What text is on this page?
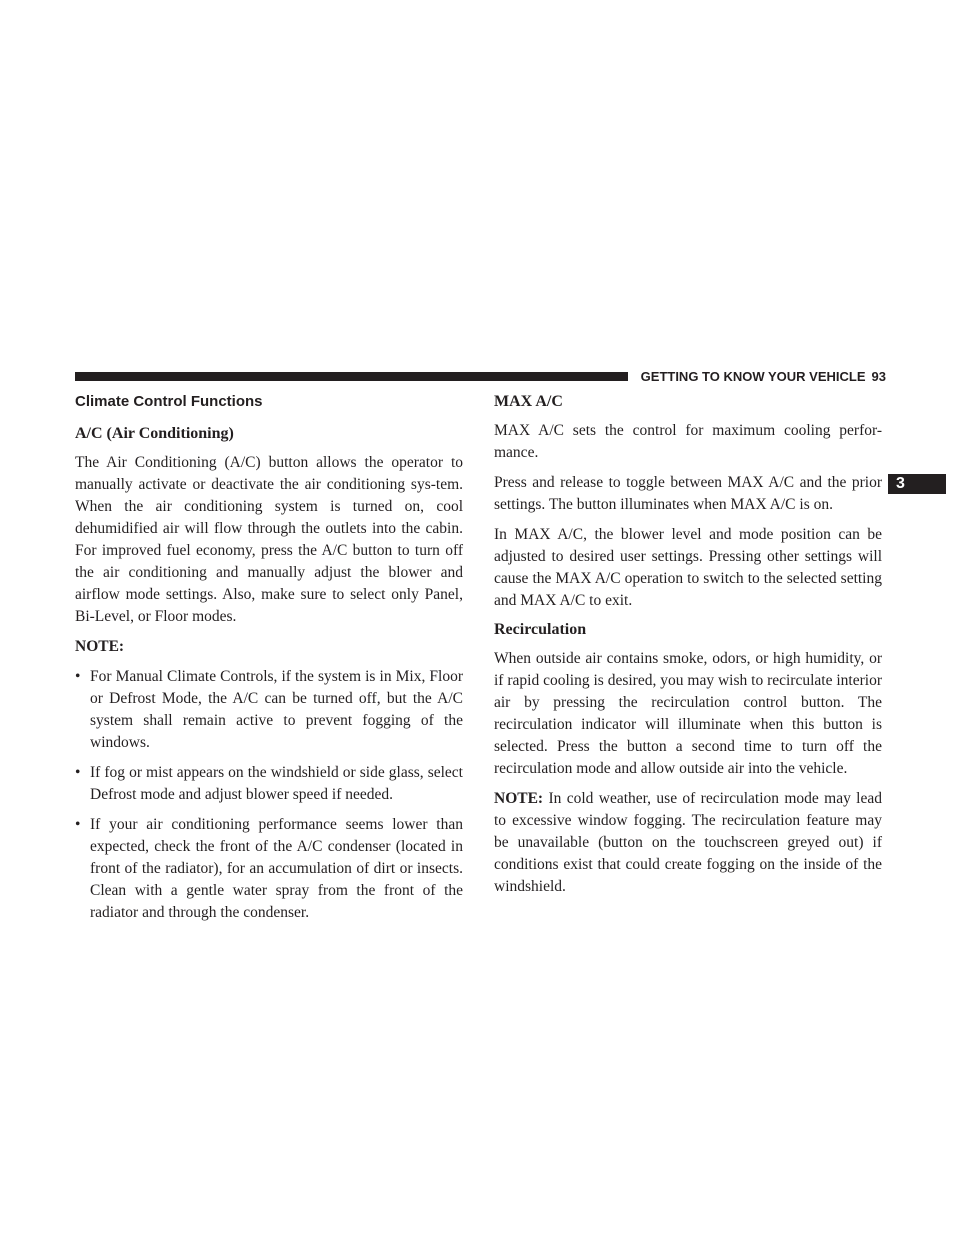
GETTING TO KNOW YOUR VEHICLE 93
3
Climate Control Functions
A/C (Air Conditioning)

The Air Conditioning (A/C) button allows the operator to manually activate or deactivate the air conditioning sys-tem. When the air conditioning system is turned on, cool dehumidified air will flow through the outlets into the cabin. For improved fuel economy, press the A/C button to turn off the air conditioning and manually adjust the blower and airflow mode settings. Also, make sure to select only Panel, Bi-Level, or Floor modes.

NOTE:
• For Manual Climate Controls, if the system is in Mix, Floor or Defrost Mode, the A/C can be turned off, but the A/C system shall remain active to prevent fogging of the windows.
• If fog or mist appears on the windshield or side glass, select Defrost mode and adjust blower speed if needed.
• If your air conditioning performance seems lower than expected, check the front of the A/C condenser (located in front of the radiator), for an accumulation of dirt or insects. Clean with a gentle water spray from the front of the radiator and through the condenser.
MAX A/C

MAX A/C sets the control for maximum cooling perfor-mance.

Press and release to toggle between MAX A/C and the prior settings. The button illuminates when MAX A/C is on.

In MAX A/C, the blower level and mode position can be adjusted to desired user settings. Pressing other settings will cause the MAX A/C operation to switch to the selected setting and MAX A/C to exit.

Recirculation

When outside air contains smoke, odors, or high humidity, or if rapid cooling is desired, you may wish to recirculate interior air by pressing the recirculation control button. The recirculation indicator will illuminate when this button is selected. Press the button a second time to turn off the recirculation mode and allow outside air into the vehicle.

NOTE: In cold weather, use of recirculation mode may lead to excessive window fogging. The recirculation feature may be unavailable (button on the touchscreen greyed out) if conditions exist that could create fogging on the inside of the windshield.
